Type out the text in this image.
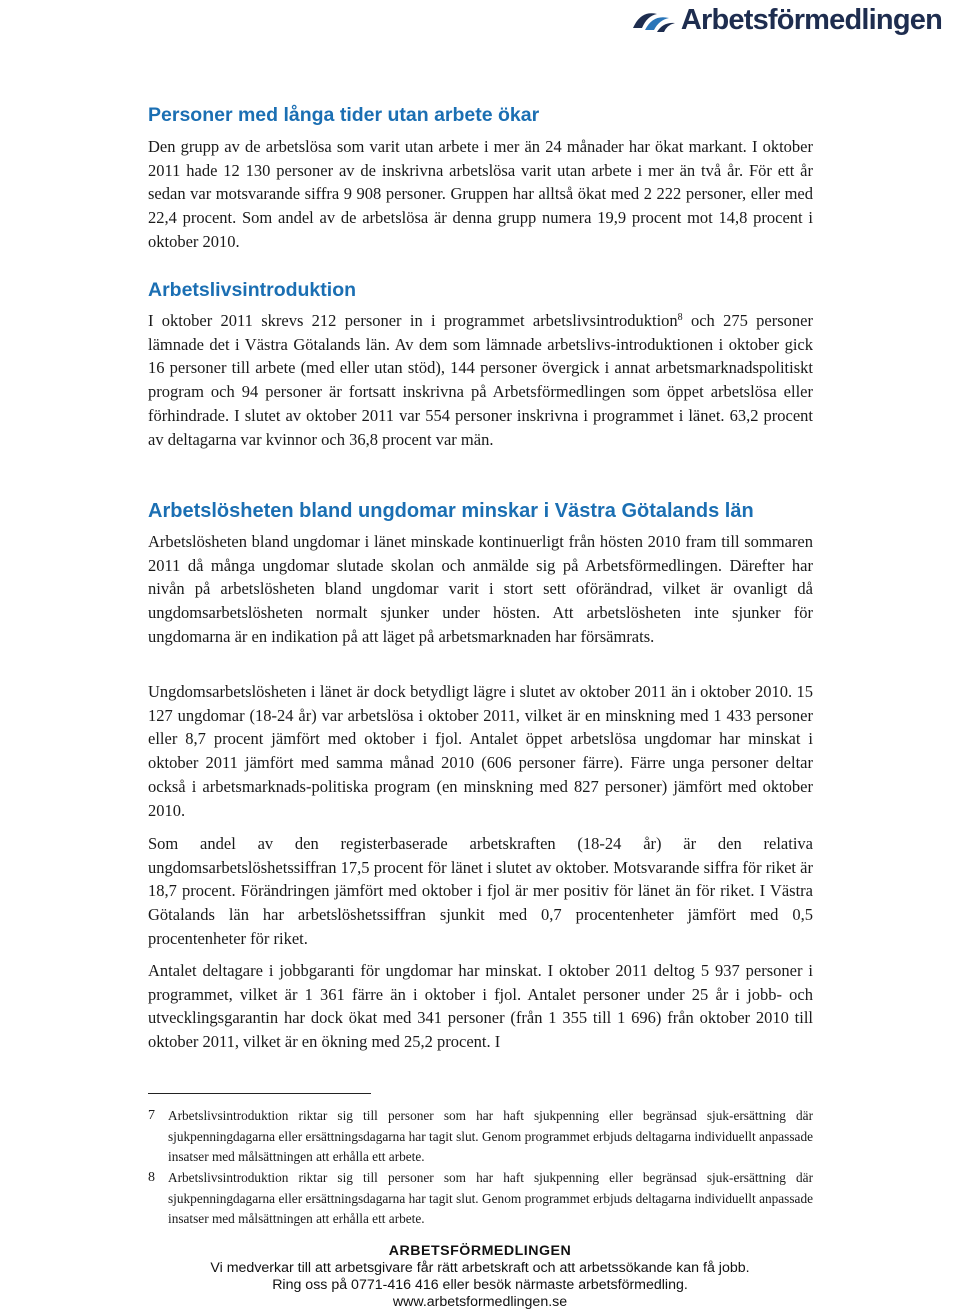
Arbetsförmedlingen
Personer med långa tider utan arbete ökar

Den grupp av de arbetslösa som varit utan arbete i mer än 24 månader har ökat markant. I oktober 2011 hade 12 130 personer av de inskrivna arbetslösa varit utan arbete i mer än två år. För ett år sedan var motsvarande siffra 9 908 personer. Gruppen har alltså ökat med 2 222 personer, eller med 22,4 procent. Som andel av de arbetslösa är denna grupp numera 19,9 procent mot 14,8 procent i oktober 2010.

Arbetslivsintroduktion

I oktober 2011 skrevs 212 personer in i programmet arbetslivsintroduktion$^8$ och 275 personer lämnade det i Västra Götalands län. Av dem som lämnade arbetslivs-introduktionen i oktober gick 16 personer till arbete (med eller utan stöd), 144 personer övergick i annat arbetsmarknadspolitiskt program och 94 personer är fortsatt inskrivna på Arbetsförmedlingen som öppet arbetslösa eller förhindrade. I slutet av oktober 2011 var 554 personer inskrivna i programmet i länet. 63,2 procent av deltagarna var kvinnor och 36,8 procent var män.

Arbetslösheten bland ungdomar minskar i Västra Götalands län

Arbetslösheten bland ungdomar i länet minskade kontinuerligt från hösten 2010 fram till sommaren 2011 då många ungdomar slutade skolan och anmälde sig på Arbetsförmedlingen. Därefter har nivån på arbetslösheten bland ungdomar varit i stort sett oförändrad, vilket är ovanligt då ungdomsarbetslösheten normalt sjunker under hösten. Att arbetslösheten inte sjunker för ungdomarna är en indikation på att läget på arbetsmarknaden har försämrats.

Ungdomsarbetslösheten i länet är dock betydligt lägre i slutet av oktober 2011 än i oktober 2010. 15 127 ungdomar (18-24 år) var arbetslösa i oktober 2011, vilket är en minskning med 1 433 personer eller 8,7 procent jämfört med oktober i fjol. Antalet öppet arbetslösa ungdomar har minskat i oktober 2011 jämfört med samma månad 2010 (606 personer färre). Färre unga personer deltar också i arbetsmarknads-politiska program (en minskning med 827 personer) jämfört med oktober 2010.

Som andel av den registerbaserade arbetskraften (18-24 år) är den relativa ungdomsarbetslöshetssiffran 17,5 procent för länet i slutet av oktober. Motsvarande siffra för riket är 18,7 procent. Förändringen jämfört med oktober i fjol är mer positiv för länet än för riket. I Västra Götalands län har arbetslöshetssiffran sjunkit med 0,7 procentenheter jämfört med 0,5 procentenheter för riket.

Antalet deltagare i jobbgaranti för ungdomar har minskat. I oktober 2011 deltog 5 937 personer i programmet, vilket är 1 361 färre än i oktober i fjol. Antalet personer under 25 år i jobb- och utvecklingsgarantin har dock ökat med 341 personer (från 1 355 till 1 696) från oktober 2010 till oktober 2011, vilket är en ökning med 25,2 procent. I

7 Arbetslivsintroduktion riktar sig till personer som har haft sjukpenning eller begränsad sjuk-ersättning där sjukpenningdagarna eller ersättningsdagarna har tagit slut. Genom programmet erbjuds deltagarna individuellt anpassade insatser med målsättningen att erhålla ett arbete.
8 Arbetslivsintroduktion riktar sig till personer som har haft sjukpenning eller begränsad sjuk-ersättning där sjukpenningdagarna eller ersättningsdagarna har tagit slut. Genom programmet erbjuds deltagarna individuellt anpassade insatser med målsättningen att erhålla ett arbete.
ARBETSFÖRMEDLINGEN
Vi medverkar till att arbetsgivare får rätt arbetskraft och att arbetssökande kan få jobb.
Ring oss på 0771-416 416 eller besök närmaste arbetsförmedling.
www.arbetsformedlingen.se
